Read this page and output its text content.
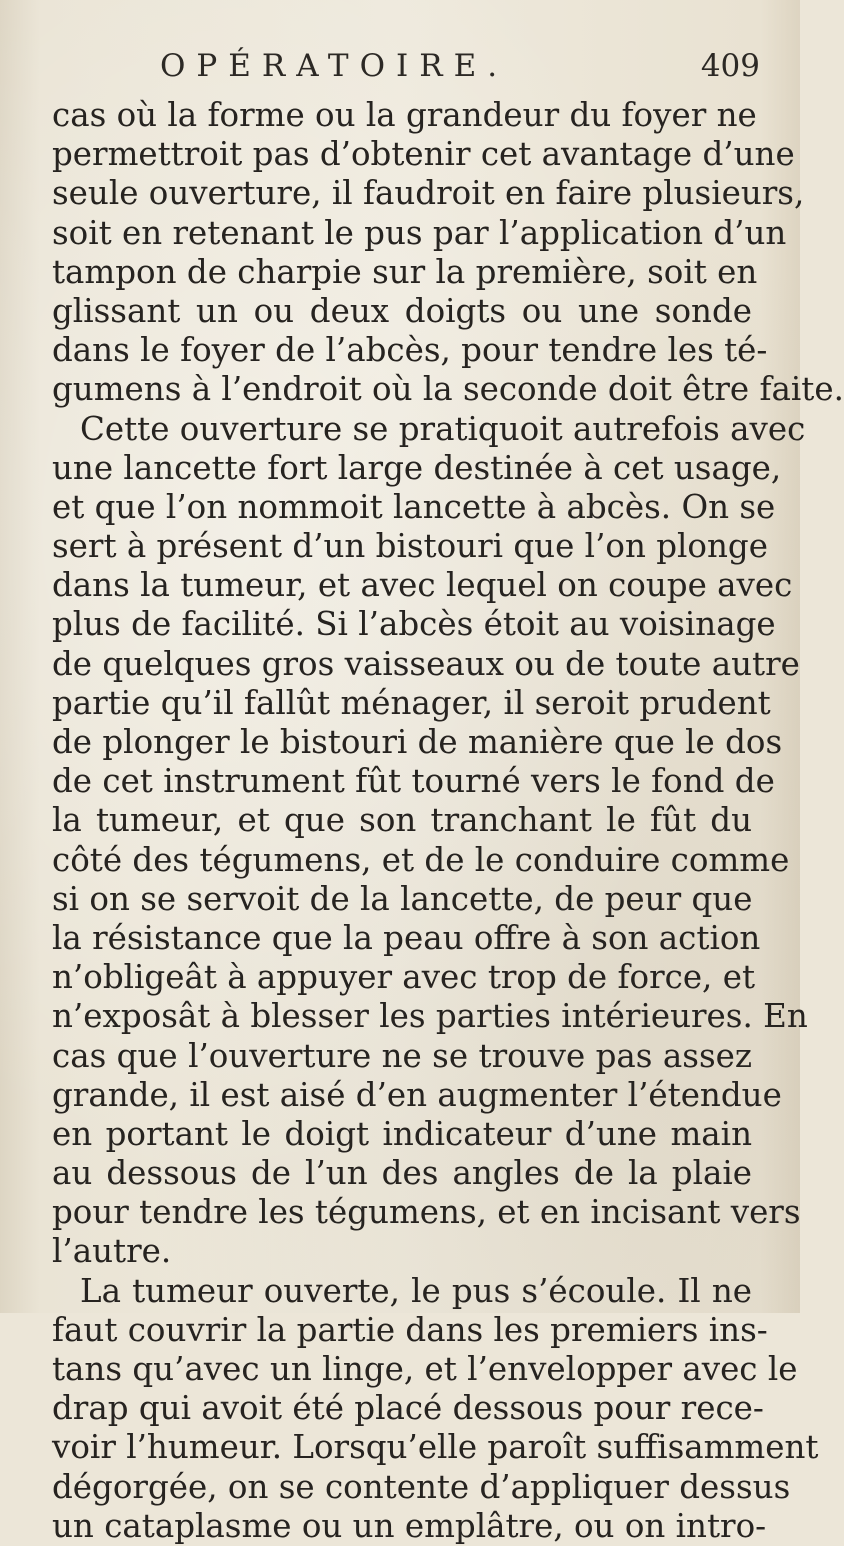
OPÉRATOIRE.	409
cas où la forme ou la grandeur du foyer ne
permettroit pas d’obtenir cet avantage d’une
seule ouverture, il faudroit en faire plusieurs,
soit en retenant le pus par l’application d’un
tampon de charpie sur la première, soit en
glissant un ou deux doigts ou une sonde
dans le foyer de l’abcès, pour tendre les té-
gumens à l’endroit où la seconde doit être faite.
Cette ouverture se pratiquoit autrefois avec
une lancette fort large destinée à cet usage,
et que l’on nommoit lancette à abcès. On se
sert à présent d’un bistouri que l’on plonge
dans la tumeur, et avec lequel on coupe avec
plus de facilité. Si l’abcès étoit au voisinage
de quelques gros vaisseaux ou de toute autre
partie qu’il fallût ménager, il seroit prudent
de plonger le bistouri de manière que le dos
de cet instrument fût tourné vers le fond de
la tumeur, et que son tranchant le fût du
côté des tégumens, et de le conduire comme
si on se servoit de la lancette, de peur que
la résistance que la peau offre à son action
n’obligeât à appuyer avec trop de force, et
n’exposât à blesser les parties intérieures. En
cas que l’ouverture ne se trouve pas assez
grande, il est aisé d’en augmenter l’étendue
en portant le doigt indicateur d’une main
au dessous de l’un des angles de la plaie
pour tendre les tégumens, et en incisant vers
l’autre.
La tumeur ouverte, le pus s’écoule. Il ne
faut couvrir la partie dans les premiers ins-
tans qu’avec un linge, et l’envelopper avec le
drap qui avoit été placé dessous pour rece-
voir l’humeur. Lorsqu’elle paroît suffisamment
dégorgée, on se contente d’appliquer dessus
un cataplasme ou un emplâtre, ou on intro-
